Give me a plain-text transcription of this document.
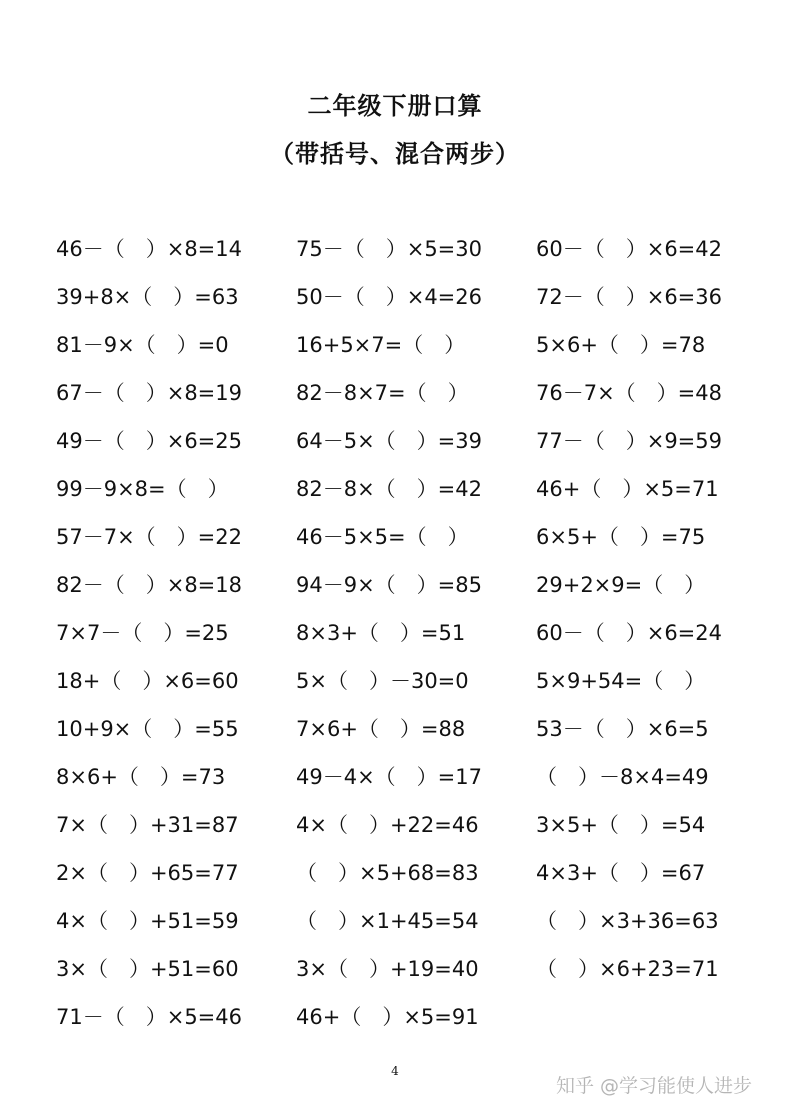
二年级下册口算
（带括号、混合两步）
46－（　）×8=14	75－（　）×5=30	60－（　）×6=42
39+8×（　）=63	50－（　）×4=26	72－（　）×6=36
81－9×（　）=0	16+5×7=（　）	5×6+（　）=78
67－（　）×8=19	82－8×7=（　）	76－7×（　）=48
49－（　）×6=25	64－5×（　）=39	77－（　）×9=59
99－9×8=（　）	82－8×（　）=42	46+（　）×5=71
57－7×（　）=22	46－5×5=（　）	6×5+（　）=75
82－（　）×8=18	94－9×（　）=85	29+2×9=（　）
7×7－（　）=25	8×3+（　）=51	60－（　）×6=24
18+（　）×6=60	5×（　）－30=0	5×9+54=（　）
10+9×（　）=55	7×6+（　）=88	53－（　）×6=5
8×6+（　）=73	49－4×（　）=17	（　）－8×4=49
7×（　）+31=87	4×（　）+22=46	3×5+（　）=54
2×（　）+65=77	（　）×5+68=83	4×3+（　）=67
4×（　）+51=59	（　）×1+45=54	（　）×3+36=63
3×（　）+51=60	3×（　）+19=40	（　）×6+23=71
71－（　）×5=46	46+（　）×5=91
4
知乎 @学习能使人进步
